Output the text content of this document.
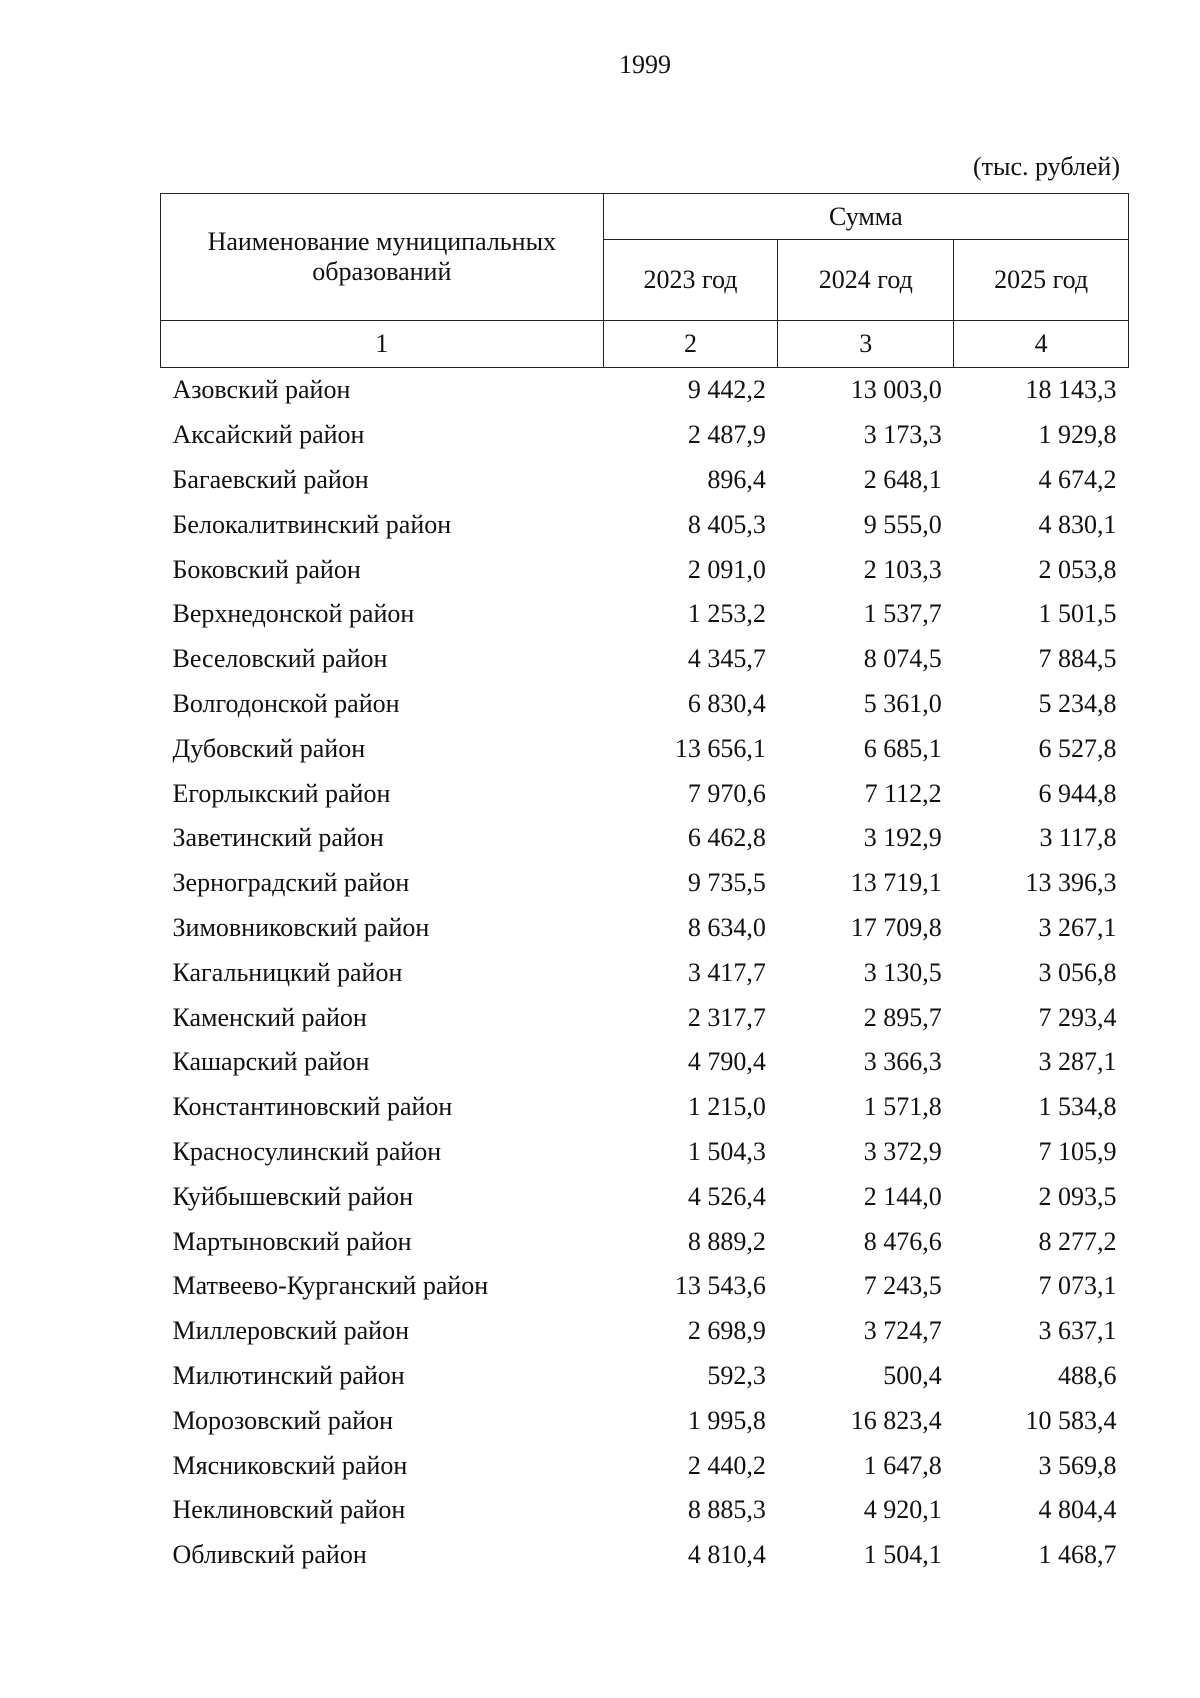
1999
(тыс. рублей)
Наименование муниципальных образований	Сумма		
	2023 год	2024 год	2025 год
1	2	3	4
Азовский район	9 442,2	13 003,0	18 143,3
Аксайский район	2 487,9	3 173,3	1 929,8
Багаевский район	896,4	2 648,1	4 674,2
Белокалитвинский район	8 405,3	9 555,0	4 830,1
Боковский район	2 091,0	2 103,3	2 053,8
Верхнедонской район	1 253,2	1 537,7	1 501,5
Веселовский район	4 345,7	8 074,5	7 884,5
Волгодонской район	6 830,4	5 361,0	5 234,8
Дубовский район	13 656,1	6 685,1	6 527,8
Егорлыкский район	7 970,6	7 112,2	6 944,8
Заветинский район	6 462,8	3 192,9	3 117,8
Зерноградский район	9 735,5	13 719,1	13 396,3
Зимовниковский район	8 634,0	17 709,8	3 267,1
Кагальницкий район	3 417,7	3 130,5	3 056,8
Каменский район	2 317,7	2 895,7	7 293,4
Кашарский район	4 790,4	3 366,3	3 287,1
Константиновский район	1 215,0	1 571,8	1 534,8
Красносулинский район	1 504,3	3 372,9	7 105,9
Куйбышевский район	4 526,4	2 144,0	2 093,5
Мартыновский район	8 889,2	8 476,6	8 277,2
Матвеево-Курганский район	13 543,6	7 243,5	7 073,1
Миллеровский район	2 698,9	3 724,7	3 637,1
Милютинский район	592,3	500,4	488,6
Морозовский район	1 995,8	16 823,4	10 583,4
Мясниковский район	2 440,2	1 647,8	3 569,8
Неклиновский район	8 885,3	4 920,1	4 804,4
Обливский район	4 810,4	1 504,1	1 468,7
